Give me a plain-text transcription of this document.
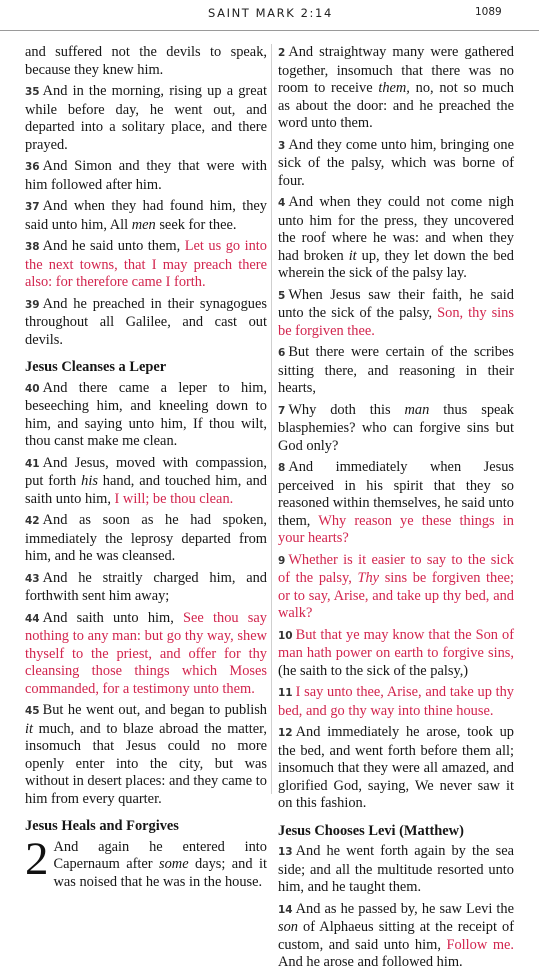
SAINT MARK 2:14	1089

and suffered not the devils to speak, because they knew him.

35 And in the morning, rising up a great while before day, he went out, and departed into a solitary place, and there prayed.

36 And Simon and they that were with him followed after him.

37 And when they had found him, they said unto him, All men seek for thee.

38 And he said unto them, Let us go into the next towns, that I may preach there also: for therefore came I forth.

39 And he preached in their synagogues throughout all Galilee, and cast out devils.

Jesus Cleanses a Leper

40 And there came a leper to him, beseeching him, and kneeling down to him, and saying unto him, If thou wilt, thou canst make me clean.

41 And Jesus, moved with compassion, put forth his hand, and touched him, and saith unto him, I will; be thou clean.

42 And as soon as he had spoken, immediately the leprosy departed from him, and he was cleansed.

43 And he straitly charged him, and forthwith sent him away;

44 And saith unto him, See thou say nothing to any man: but go thy way, shew thyself to the priest, and offer for thy cleansing those things which Moses commanded, for a testimony unto them.

45 But he went out, and began to publish it much, and to blaze abroad the matter, insomuch that Jesus could no more openly enter into the city, but was without in desert places: and they came to him from every quarter.

Jesus Heals and Forgives

2 And again he entered into Capernaum after some days; and it was noised that he was in the house.

2 And straightway many were gathered together, insomuch that there was no room to receive them, no, not so much as about the door: and he preached the word unto them.

3 And they come unto him, bringing one sick of the palsy, which was borne of four.

4 And when they could not come nigh unto him for the press, they uncovered the roof where he was: and when they had broken it up, they let down the bed wherein the sick of the palsy lay.

5 When Jesus saw their faith, he said unto the sick of the palsy, Son, thy sins be forgiven thee.

6 But there were certain of the scribes sitting there, and reasoning in their hearts,

7 Why doth this man thus speak blasphemies? who can forgive sins but God only?

8 And immediately when Jesus perceived in his spirit that they so reasoned within themselves, he said unto them, Why reason ye these things in your hearts?

9 Whether is it easier to say to the sick of the palsy, Thy sins be forgiven thee; or to say, Arise, and take up thy bed, and walk?

10 But that ye may know that the Son of man hath power on earth to forgive sins, (he saith to the sick of the palsy,)

11 I say unto thee, Arise, and take up thy bed, and go thy way into thine house.

12 And immediately he arose, took up the bed, and went forth before them all; insomuch that they were all amazed, and glorified God, saying, We never saw it on this fashion.

Jesus Chooses Levi (Matthew)

13 And he went forth again by the sea side; and all the multitude resorted unto him, and he taught them.

14 And as he passed by, he saw Levi the son of Alphaeus sitting at the receipt of custom, and said unto him, Follow me. And he arose and followed him.
